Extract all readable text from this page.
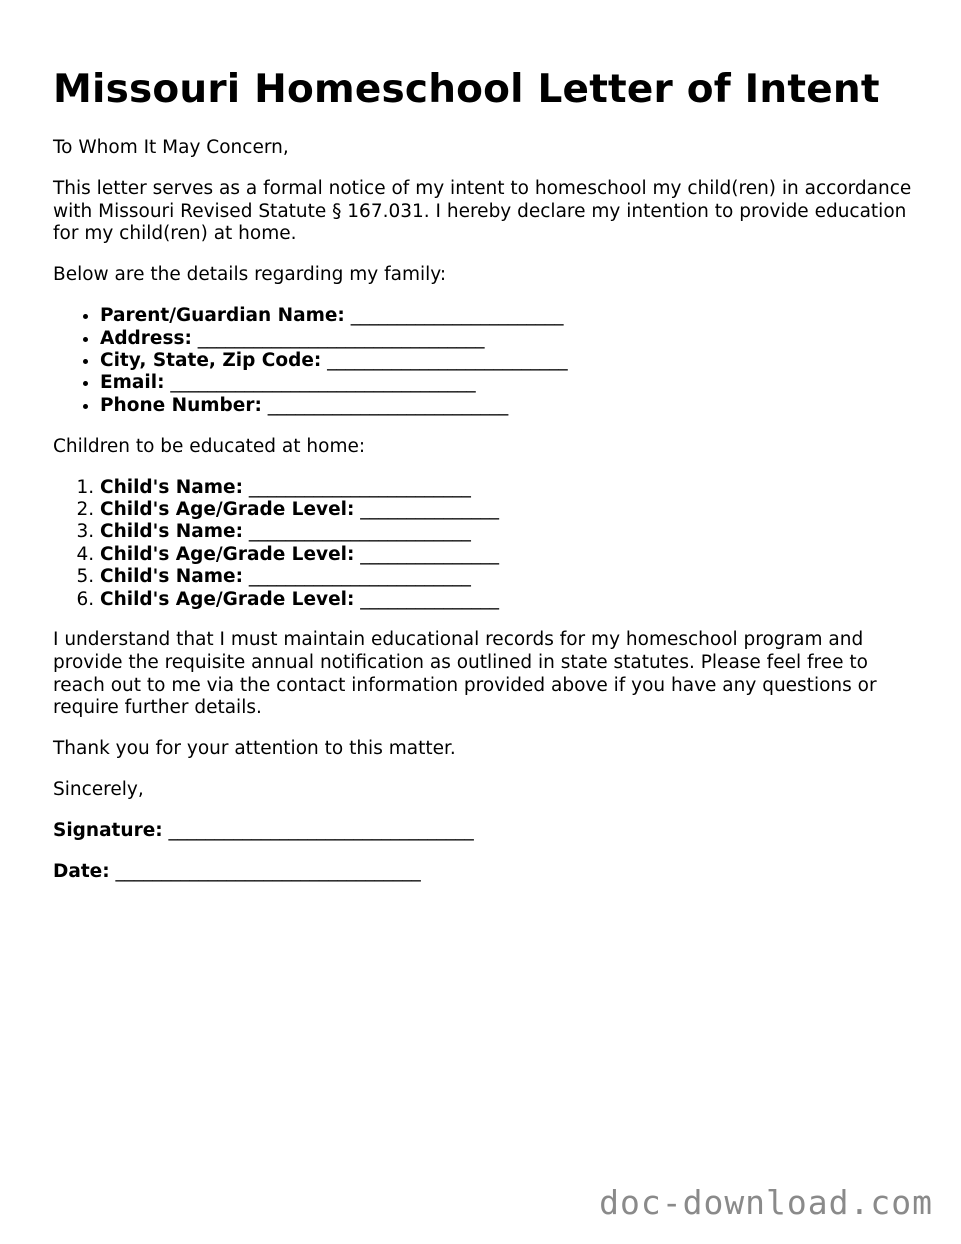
Missouri Homeschool Letter of Intent

To Whom It May Concern,

This letter serves as a formal notice of my intent to homeschool my child(ren) in accordance with Missouri Revised Statute § 167.031. I hereby declare my intention to provide education for my child(ren) at home.

Below are the details regarding my family:

• Parent/Guardian Name: _______________________
• Address: _______________________________
• City, State, Zip Code: __________________________
• Email: _________________________________
• Phone Number: __________________________

Children to be educated at home:

1. Child's Name: ________________________
2. Child's Age/Grade Level: _______________
3. Child's Name: ________________________
4. Child's Age/Grade Level: _______________
5. Child's Name: ________________________
6. Child's Age/Grade Level: _______________

I understand that I must maintain educational records for my homeschool program and provide the requisite annual notification as outlined in state statutes. Please feel free to reach out to me via the contact information provided above if you have any questions or require further details.

Thank you for your attention to this matter.

Sincerely,

Signature: _________________________________

Date: _________________________________

doc-download.com
